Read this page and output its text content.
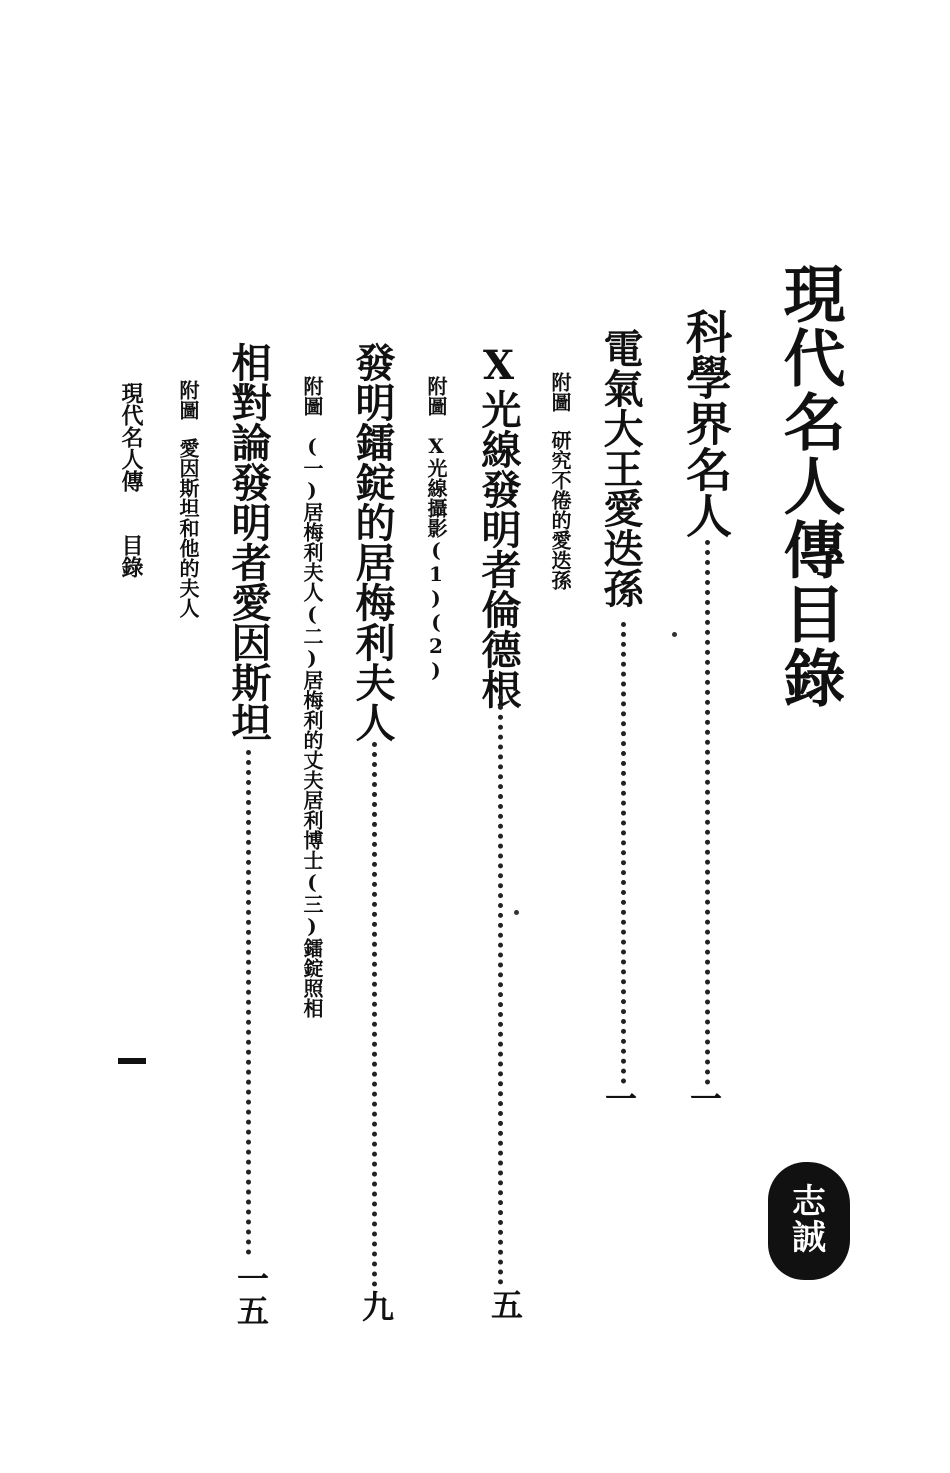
現代名人傳目錄
科學界名人
一
電氣大王愛迭孫
一
附圖研究不倦的愛迭孫
X光線發明者倫德根
五
附圖X光線攝影(1)(2)
發明鐳錠的居梅利夫人
九
附圖(一)居梅利夫人(二)居梅利的丈夫居利博士(三)鐳錠照相
相對論發明者愛因斯坦
一五
附圖愛因斯坦和他的夫人
現代名人傳目錄
志
誠
